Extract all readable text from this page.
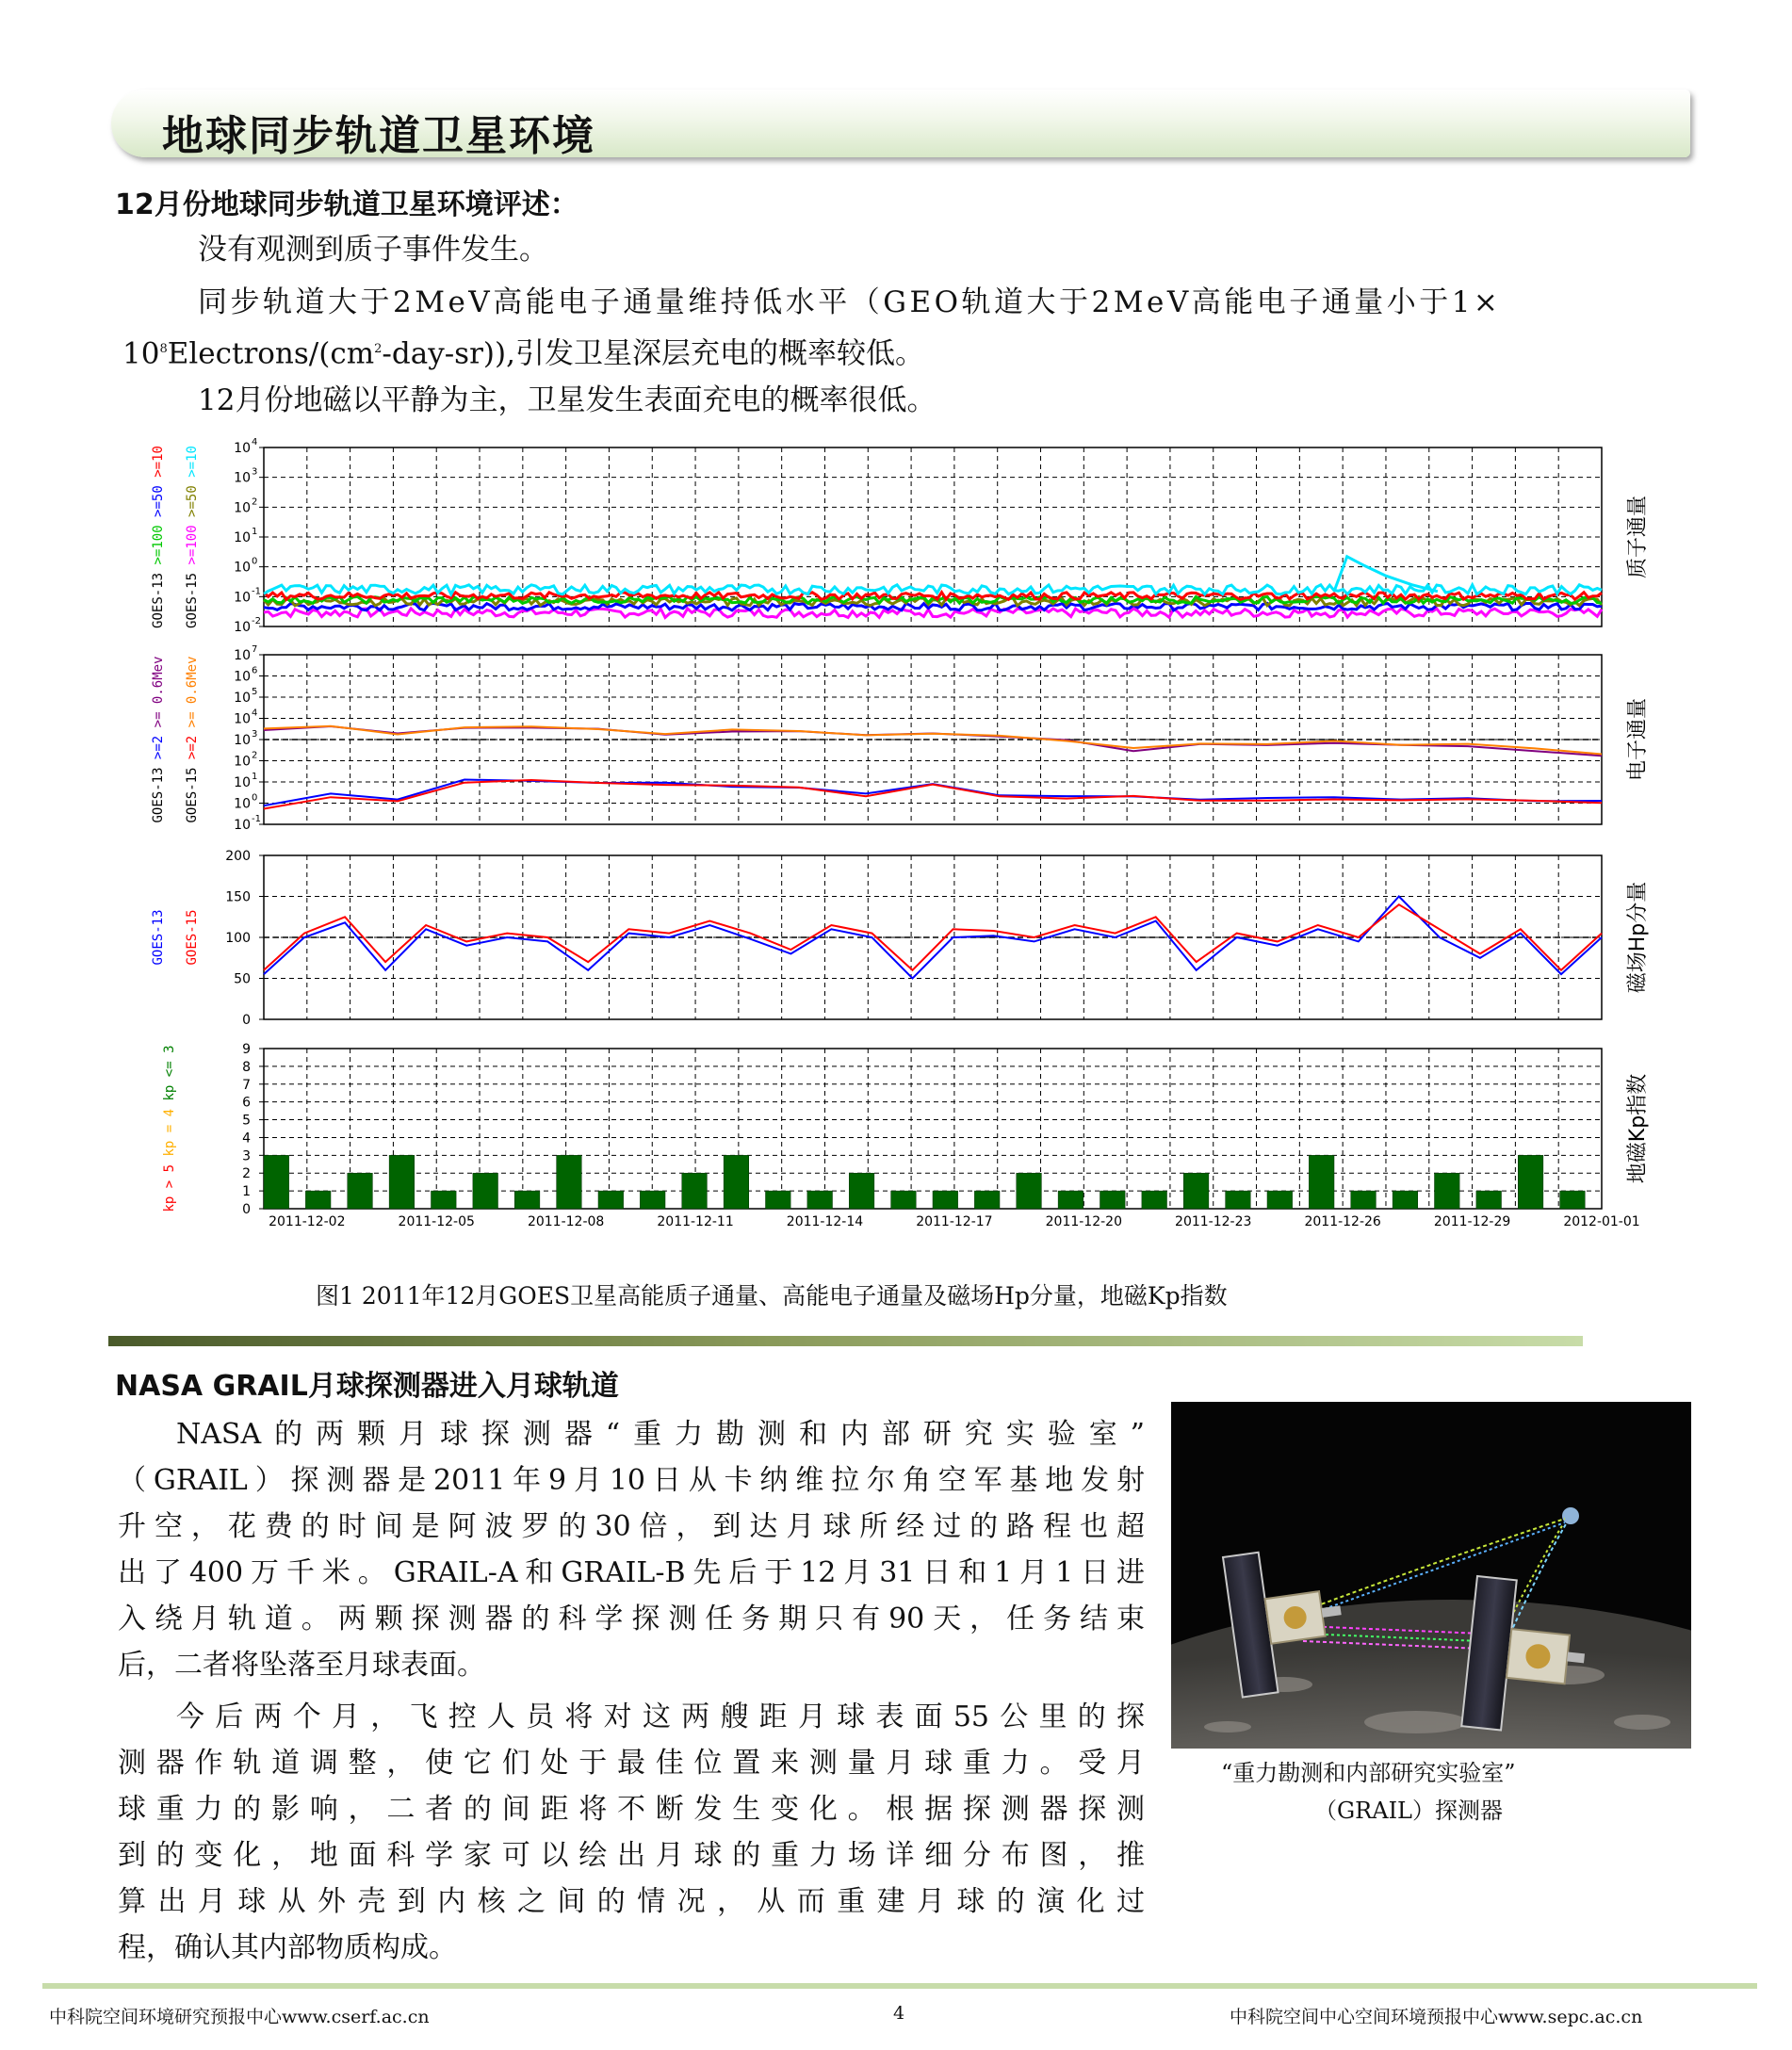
地球同步轨道卫星环境
12月份地球同步轨道卫星环境评述：
没有观测到质子事件发生。
同步轨道大于2MeV高能电子通量维持低水平（GEO轨道大于2MeV高能电子通量小于1×
$10^8Electrons/(cm^2-day-sr)$),引发卫星深层充电的概率较低。
12月份地磁以平静为主，卫星发生表面充电的概率很低。
10 4
10 3
10 2
10 1
10 0
10 -1
10 -2
质子通量
GOES-13 >=100 >=50 >=10
GOES-15 >=100 >=50 >=10
10 7
10 6
10 5
10 4
10 3
10 2
10 1
10 0
10 -1
电子通量
GOES-13 >=2 >= 0.6Mev
GOES-15 >=2 >= 0.6Mev
200
150
100
50
0
磁场Hp分量
GOES-13 GOES-15
9
8
7
6
5
4
3
2
1
0
地磁Kp指数
kp > 5 kp = 4 kp <= 3
2011-12-02	2011-12-05	2011-12-08	2011-12-11	2011-12-14	2011-12-17	2011-12-20	2011-12-23	2011-12-26	2011-12-29	2012-01-01
图1 2011年12月GOES卫星高能质子通量、高能电子通量及磁场Hp分量，地磁Kp指数
NASA GRAIL月球探测器进入月球轨道
NASA的两颗月球探测器“重力勘测和内部研究实验室”
（GRAIL）探测器是2011年9月10日从卡纳维拉尔角空军基地发射
升空，花费的时间是阿波罗的30倍，到达月球所经过的路程也超
出了400万千米。GRAIL-A和GRAIL-B先后于12月31日和1月1日进
入绕月轨道。两颗探测器的科学探测任务期只有90天，任务结束
后，二者将坠落至月球表面。
今后两个月，飞控人员将对这两艘距月球表面55公里的探
测器作轨道调整，使它们处于最佳位置来测量月球重力。受月
球重力的影响，二者的间距将不断发生变化。根据探测器探测
到的变化，地面科学家可以绘出月球的重力场详细分布图，推
算出月球从外壳到内核之间的情况，从而重建月球的演化过
程，确认其内部物质构成。
“重力勘测和内部研究实验室”
（GRAIL）探测器
中科院空间环境研究预报中心www.cserf.ac.cn	4	中科院空间中心空间环境预报中心www.sepc.ac.cn
